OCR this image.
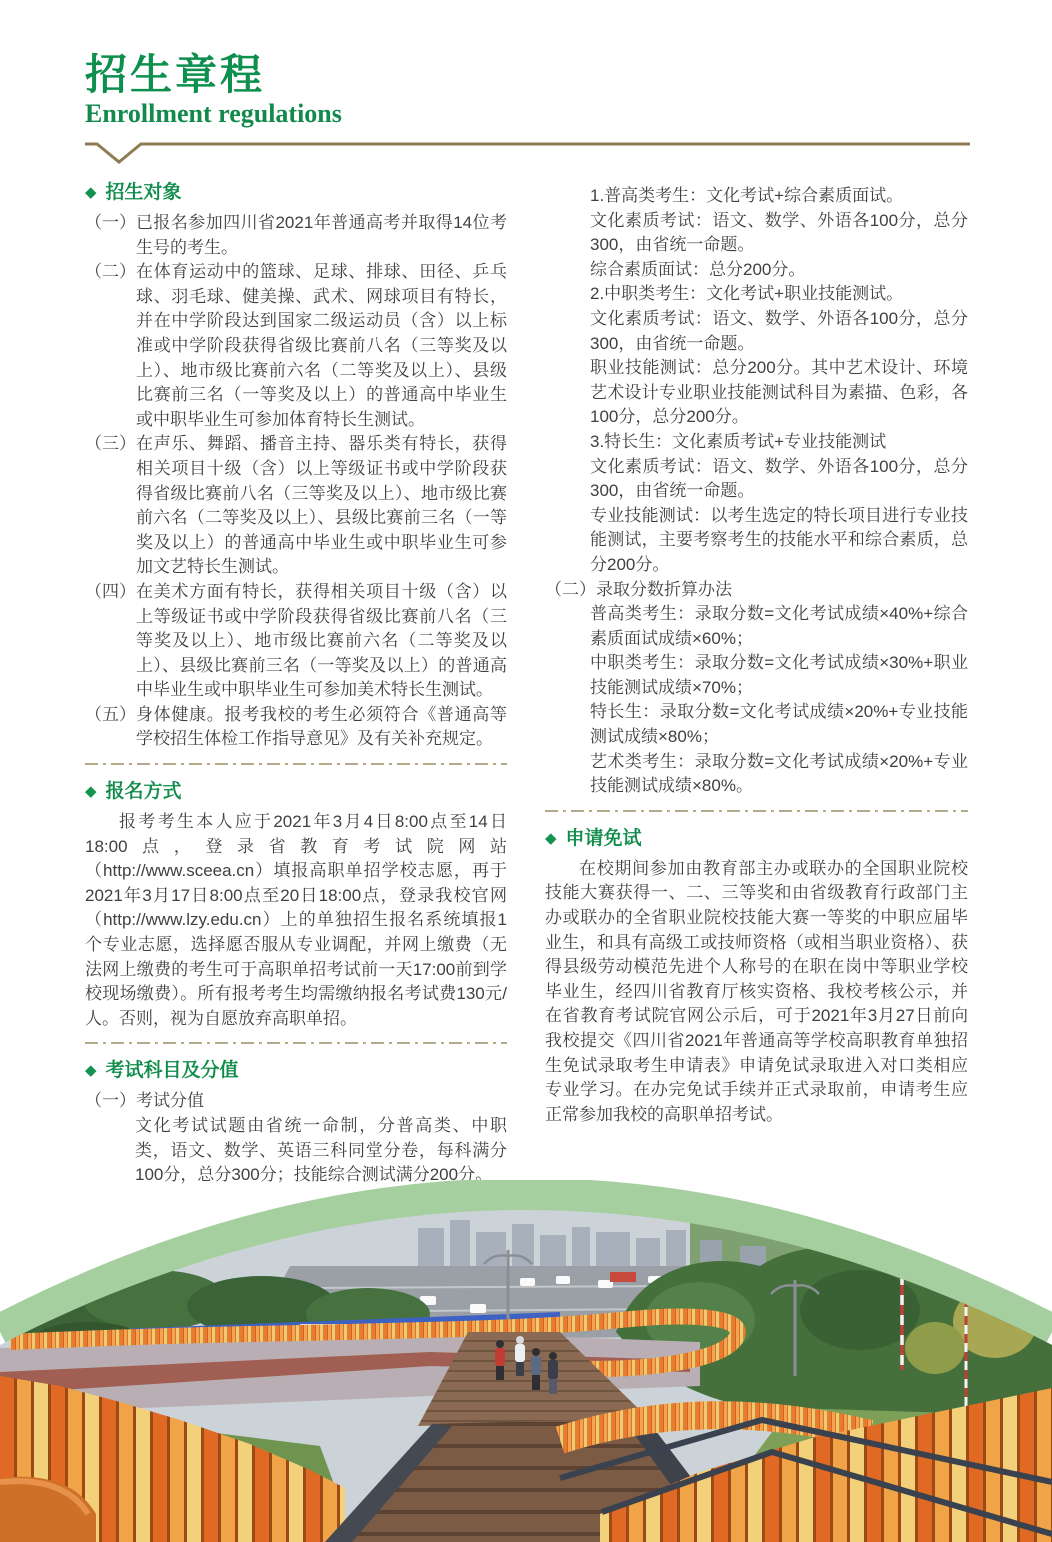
招生章程
Enrollment regulations
◆ 招生对象

（一） 已报名参加四川省2021年普通高考并取得14位考生号的考生。

（二） 在体育运动中的篮球、足球、排球、田径、乒乓球、羽毛球、健美操、武术、网球项目有特长，并在中学阶段达到国家二级运动员（含）以上标准或中学阶段获得省级比赛前八名（三等奖及以上）、地市级比赛前六名（二等奖及以上）、县级比赛前三名（一等奖及以上）的普通高中毕业生或中职毕业生可参加体育特长生测试。

（三） 在声乐、舞蹈、播音主持、器乐类有特长，获得相关项目十级（含）以上等级证书或中学阶段获得省级比赛前八名（三等奖及以上）、地市级比赛前六名（二等奖及以上）、县级比赛前三名（一等奖及以上）的普通高中毕业生或中职毕业生可参加文艺特长生测试。

（四） 在美术方面有特长，获得相关项目十级（含）以上等级证书或中学阶段获得省级比赛前八名（三等奖及以上）、地市级比赛前六名（二等奖及以上）、县级比赛前三名（一等奖及以上）的普通高中毕业生或中职毕业生可参加美术特长生测试。

（五） 身体健康。报考我校的考生必须符合《普通高等学校招生体检工作指导意见》及有关补充规定。

◆ 报名方式

报考考生本人应于2021年3月4日8:00点至14日18:00点，登录省教育考试院网站（http://www.sceea.cn）填报高职单招学校志愿，再于2021年3月17日8:00点至20日18:00点，登录我校官网（http://www.lzy.edu.cn）上的单独招生报名系统填报1个专业志愿，选择愿否服从专业调配，并网上缴费（无法网上缴费的考生可于高职单招考试前一天17:00前到学校现场缴费）。所有报考考生均需缴纳报名考试费130元/人。否则，视为自愿放弃高职单招。

◆ 考试科目及分值

（一） 考试分值

文化考试试题由省统一命制，分普高类、中职类，语文、数学、英语三科同堂分卷，每科满分100分，总分300分；技能综合测试满分200分。

1.普高类考生：文化考试+综合素质面试。

文化素质考试：语文、数学、外语各100分，总分300，由省统一命题。

综合素质面试：总分200分。

2.中职类考生：文化考试+职业技能测试。

文化素质考试：语文、数学、外语各100分，总分300，由省统一命题。

职业技能测试：总分200分。其中艺术设计、环境艺术设计专业职业技能测试科目为素描、色彩，各100分，总分200分。

3.特长生：文化素质考试+专业技能测试

文化素质考试：语文、数学、外语各100分，总分300，由省统一命题。

专业技能测试：以考生选定的特长项目进行专业技能测试，主要考察考生的技能水平和综合素质，总分200分。

（二） 录取分数折算办法

普高类考生：录取分数=文化考试成绩×40%+综合素质面试成绩×60%；

中职类考生：录取分数=文化考试成绩×30%+职业技能测试成绩×70%；

特长生：录取分数=文化考试成绩×20%+专业技能测试成绩×80%；

艺术类考生：录取分数=文化考试成绩×20%+专业技能测试成绩×80%。

◆ 申请免试

在校期间参加由教育部主办或联办的全国职业院校技能大赛获得一、二、三等奖和由省级教育行政部门主办或联办的全省职业院校技能大赛一等奖的中职应届毕业生，和具有高级工或技师资格（或相当职业资格）、获得县级劳动模范先进个人称号的在职在岗中等职业学校毕业生，经四川省教育厅核实资格、我校考核公示，并在省教育考试院官网公示后，可于2021年3月27日前向我校提交《四川省2021年普通高等学校高职教育单独招生免试录取考生申请表》申请免试录取进入对口类相应专业学习。在办完免试手续并正式录取前，申请考生应正常参加我校的高职单招考试。
